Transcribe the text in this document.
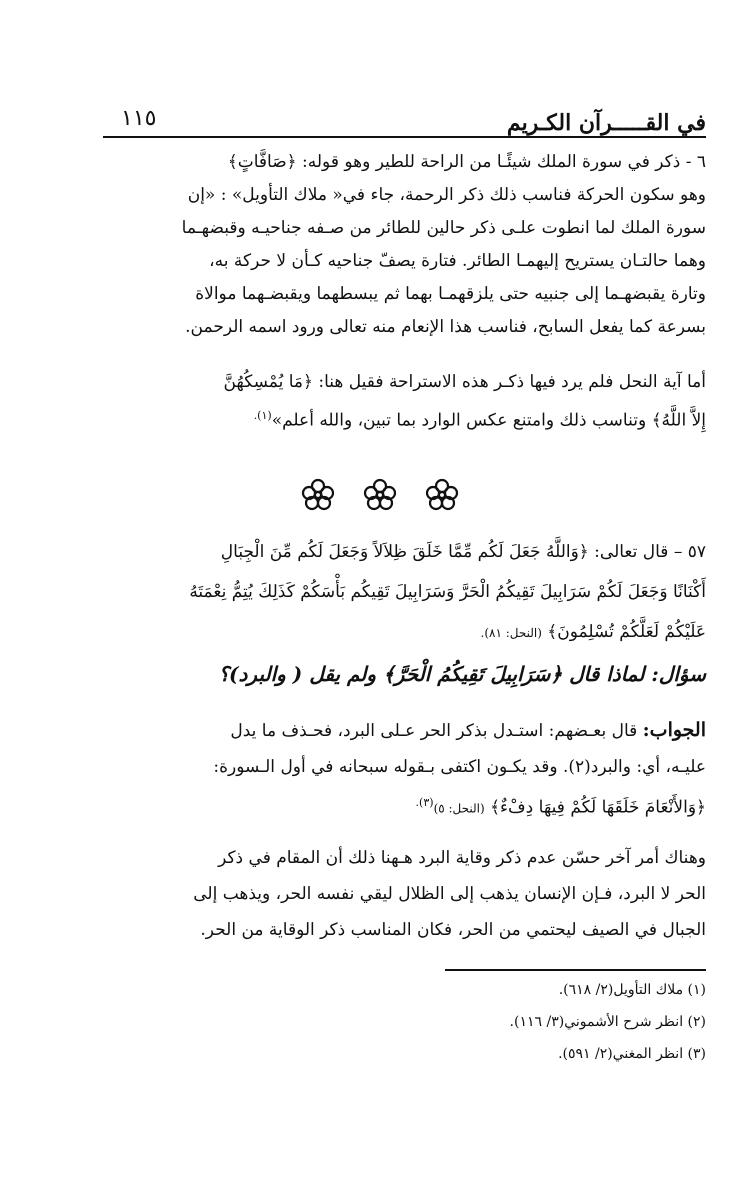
في القـــــرآن الكـريم
١١٥
٦ - ذكر في سورة الملك شيئًـا من الراحة للطير وهو قوله: ﴿صَافَّاتٍ﴾
وهو سكون الحركة فناسب ذلك ذكر الرحمة، جاء في« ملاك التأويل» : «إن
سورة الملك لما انطوت علـى ذكر حالين للطائر من صـفه جناحيـه وقبضهـما
وهما حالتـان يستريح إليهمـا الطائر. فتارة يصفّ جناحيه كـأن لا حركة به،
وتارة يقبضهـما إلى جنبيه حتى يلزقهمـا بهما ثم يبسطهما ويقبضـهما موالاة
بسرعة كما يفعل السابح، فناسب هذا الإنعام منه تعالى ورود اسمه الرحمن.
أما آية النحل فلم يرد فيها ذكـر هذه الاستراحة فقيل هنا: ﴿مَا يُمْسِكُهُنَّ
إِلاَّ اللَّهُ﴾ وتناسب ذلك وامتنع عكس الوارد بما تبين، والله أعلم»$^{(١).}$
٥٧ – قال تعالى: ﴿وَاللَّهُ جَعَلَ لَكُم مِّمَّا خَلَقَ ظِلاَلاً وَجَعَلَ لَكُم مِّنَ الْجِبَالِ
أَكْنَانًا وَجَعَلَ لَكُمْ سَرَابِيلَ تَقِيكُمُ الْحَرَّ وَسَرَابِيلَ تَقِيكُم بَأْسَكُمْ كَذَلِكَ يُتِمُّ نِعْمَتَهُ
عَلَيْكُمْ لَعَلَّكُمْ تُسْلِمُونَ﴾ (النحل: ٨١).
سؤال: لماذا قال ﴿سَرَابِيلَ تَقِيكُمُ الْحَرَّ﴾ ولم يقل ( والبرد)؟
الجواب: قال بعـضهم: استـدل بذكر الحر عـلى البرد، فحـذف ما يدل
عليـه، أي: والبرد(٢). وقد يكـون اكتفى بـقوله سبحانه في أول الـسورة:
﴿وَالأَنْعَامَ خَلَقَهَا لَكُمْ فِيهَا دِفْءٌ﴾ (النحل: ٥)$^{(٣).}$
وهناك أمر آخر حسّن عدم ذكر وقاية البرد هـهنا ذلك أن المقام في ذكر
الحر لا البرد، فـإن الإنسان يذهب إلى الظلال ليقي نفسه الحر، ويذهب إلى
الجبال في الصيف ليحتمي من الحر، فكان المناسب ذكر الوقاية من الحر.
(١) ملاك التأويل(٢/ ٦١٨).
(٢) انظر شرح الأشموني(٣/ ١١٦).
(٣) انظر المغني(٢/ ٥٩١).
